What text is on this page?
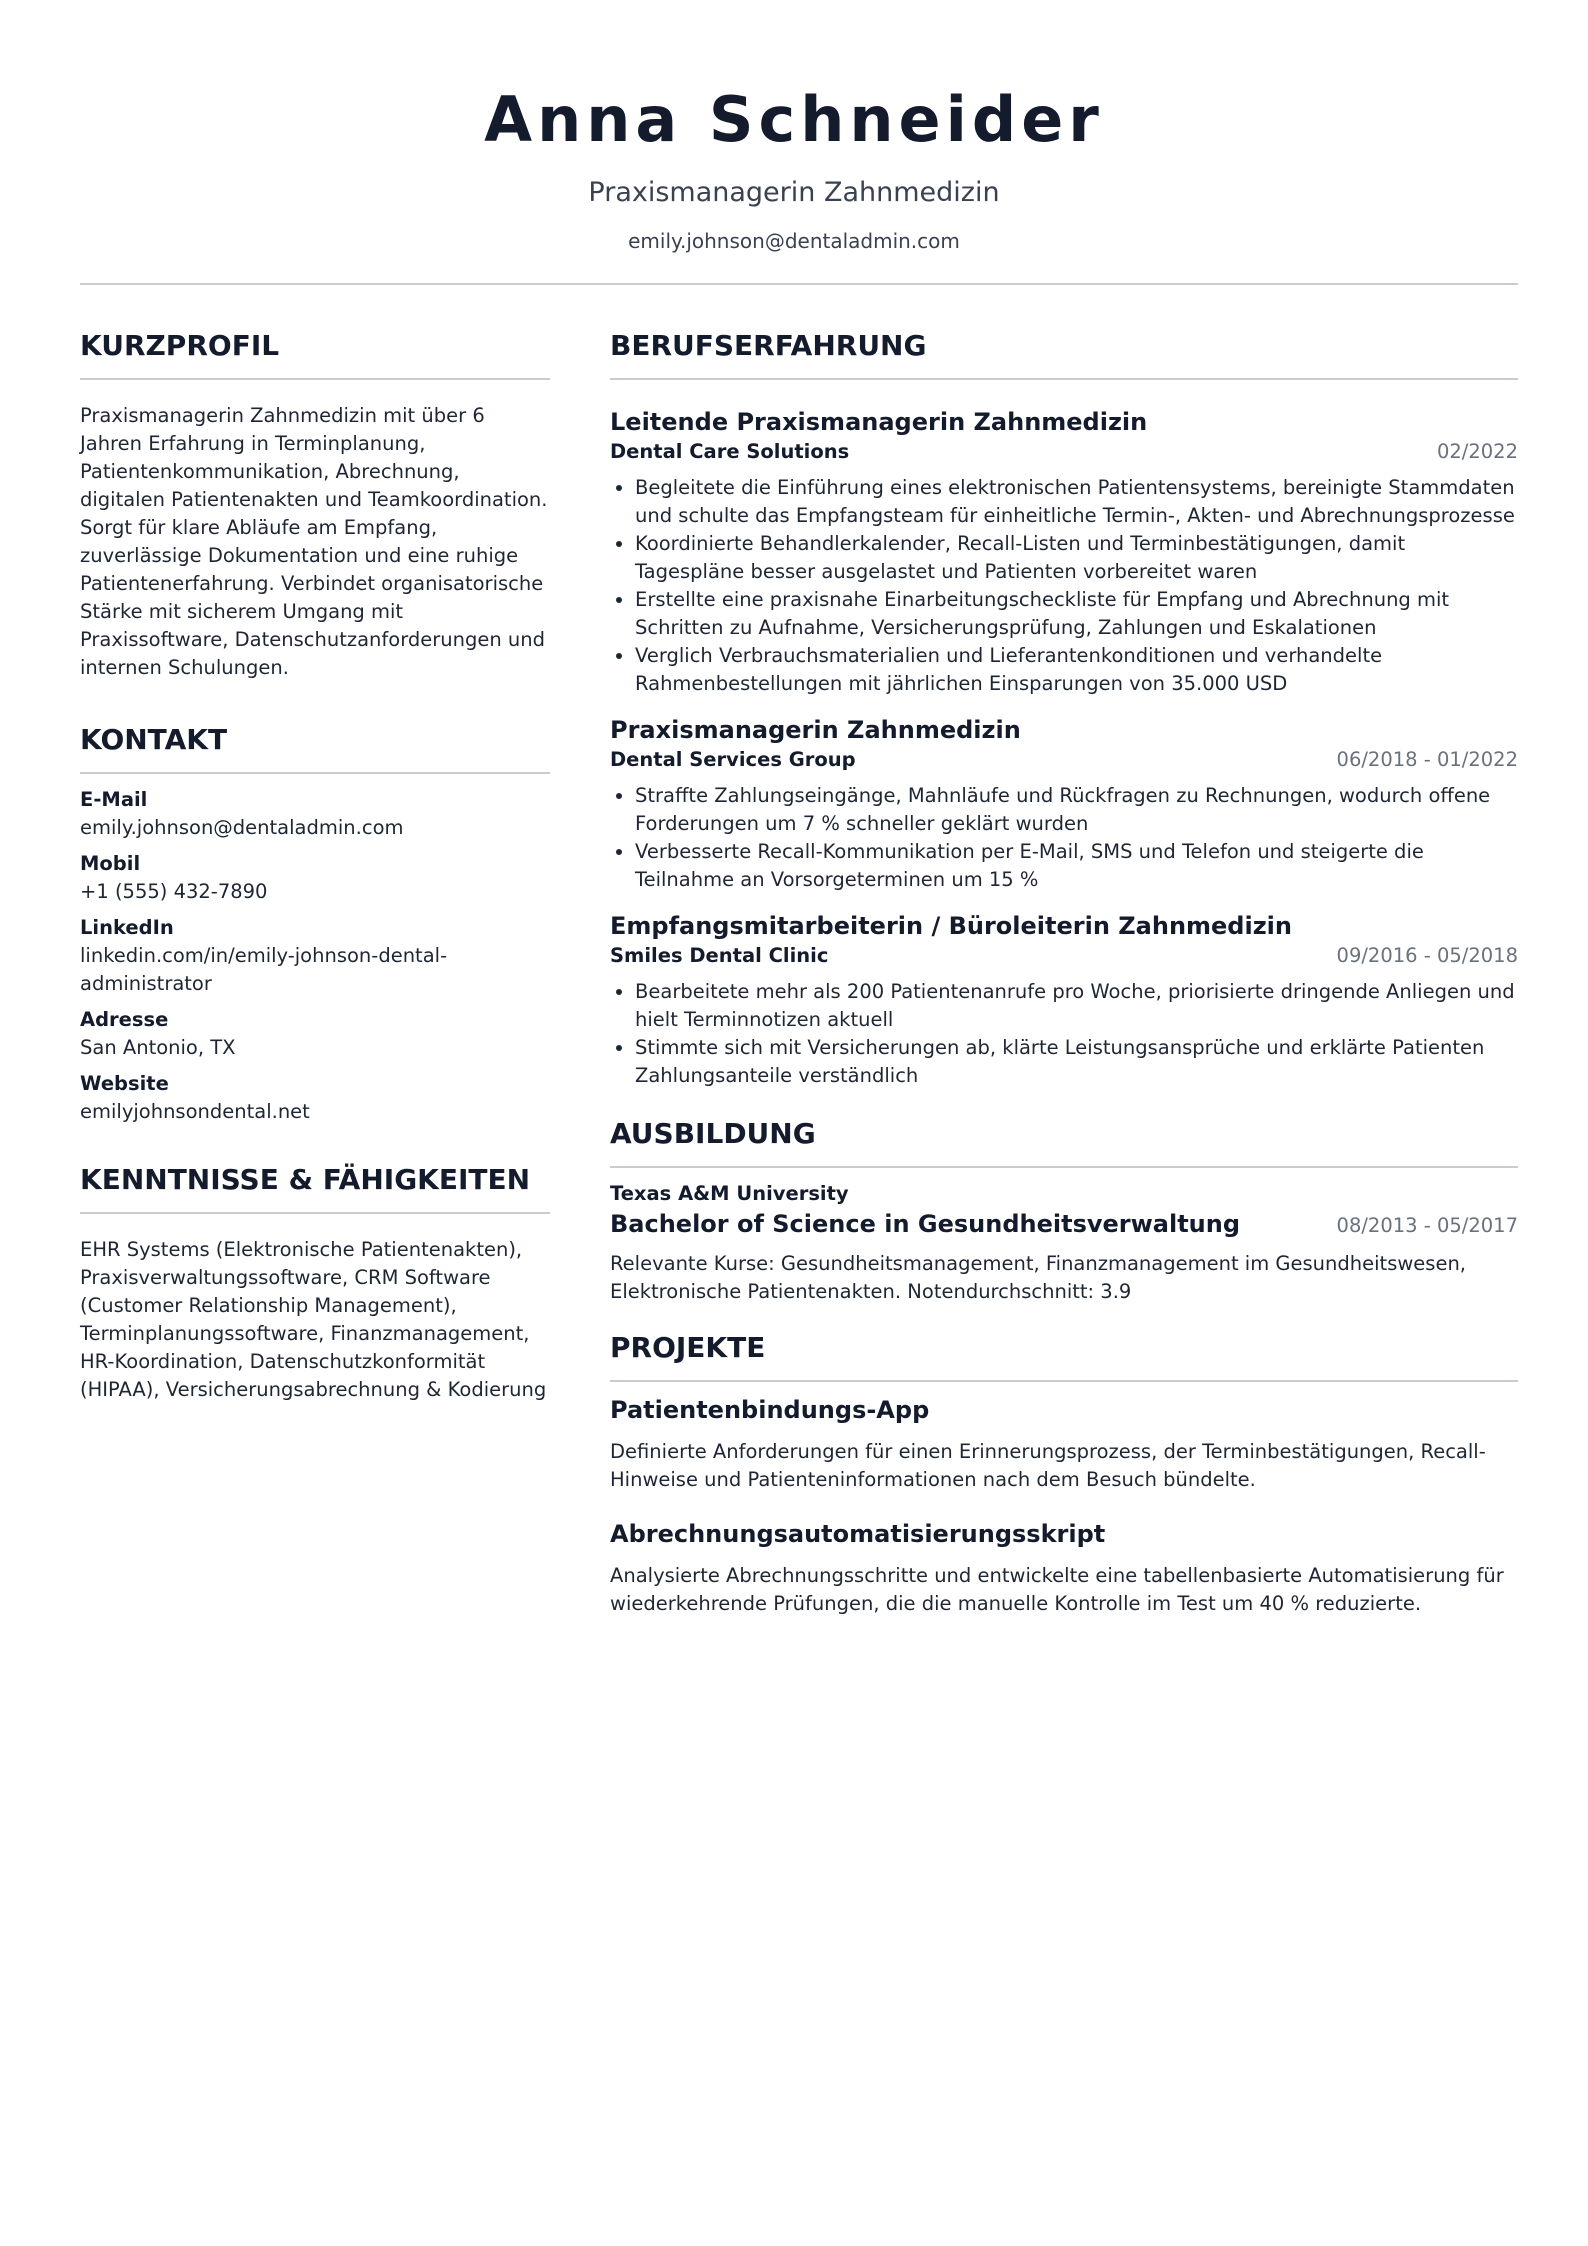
Anna Schneider
Praxismanagerin Zahnmedizin
emily.johnson@dentaladmin.com
KURZPROFIL
Praxismanagerin Zahnmedizin mit über 6 Jahren Erfahrung in Terminplanung, Patientenkommunikation, Abrechnung, digitalen Patientenakten und Teamkoordination. Sorgt für klare Abläufe am Empfang, zuverlässige Dokumentation und eine ruhige Patientenerfahrung. Verbindet organisatorische Stärke mit sicherem Umgang mit Praxissoftware, Datenschutzanforderungen und internen Schulungen.
KONTAKT
E-Mail
emily.johnson@dentaladmin.com
Mobil
+1 (555) 432-7890
LinkedIn
linkedin.com/in/emily-johnson-dental-administrator
Adresse
San Antonio, TX
Website
emilyjohnsondental.net
KENNTNISSE & FÄHIGKEITEN
EHR Systems (Elektronische Patientenakten), Praxisverwaltungssoftware, CRM Software (Customer Relationship Management), Terminplanungssoftware, Finanzmanagement, HR-Koordination, Datenschutzkonformität (HIPAA), Versicherungsabrechnung & Kodierung
BERUFSERFAHRUNG
Leitende Praxismanagerin Zahnmedizin
Dental Care Solutions	02/2022
• Begleitete die Einführung eines elektronischen Patientensystems, bereinigte Stammdaten und schulte das Empfangsteam für einheitliche Termin-, Akten- und Abrechnungsprozesse
• Koordinierte Behandlerkalender, Recall-Listen und Terminbestätigungen, damit Tagespläne besser ausgelastet und Patienten vorbereitet waren
• Erstellte eine praxisnahe Einarbeitungscheckliste für Empfang und Abrechnung mit Schritten zu Aufnahme, Versicherungsprüfung, Zahlungen und Eskalationen
• Verglich Verbrauchsmaterialien und Lieferantenkonditionen und verhandelte Rahmenbestellungen mit jährlichen Einsparungen von 35.000 USD
Praxismanagerin Zahnmedizin
Dental Services Group	06/2018 - 01/2022
• Straffte Zahlungseingänge, Mahnläufe und Rückfragen zu Rechnungen, wodurch offene Forderungen um 7 % schneller geklärt wurden
• Verbesserte Recall-Kommunikation per E-Mail, SMS und Telefon und steigerte die Teilnahme an Vorsorgeterminen um 15 %
Empfangsmitarbeiterin / Büroleiterin Zahnmedizin
Smiles Dental Clinic	09/2016 - 05/2018
• Bearbeitete mehr als 200 Patientenanrufe pro Woche, priorisierte dringende Anliegen und hielt Terminnotizen aktuell
• Stimmte sich mit Versicherungen ab, klärte Leistungsansprüche und erklärte Patienten Zahlungsanteile verständlich
AUSBILDUNG
Texas A&M University
Bachelor of Science in Gesundheitsverwaltung	08/2013 - 05/2017
Relevante Kurse: Gesundheitsmanagement, Finanzmanagement im Gesundheitswesen, Elektronische Patientenakten. Notendurchschnitt: 3.9
PROJEKTE
Patientenbindungs-App
Definierte Anforderungen für einen Erinnerungsprozess, der Terminbestätigungen, Recall-Hinweise und Patienteninformationen nach dem Besuch bündelte.
Abrechnungsautomatisierungsskript
Analysierte Abrechnungsschritte und entwickelte eine tabellenbasierte Automatisierung für wiederkehrende Prüfungen, die die manuelle Kontrolle im Test um 40 % reduzierte.
